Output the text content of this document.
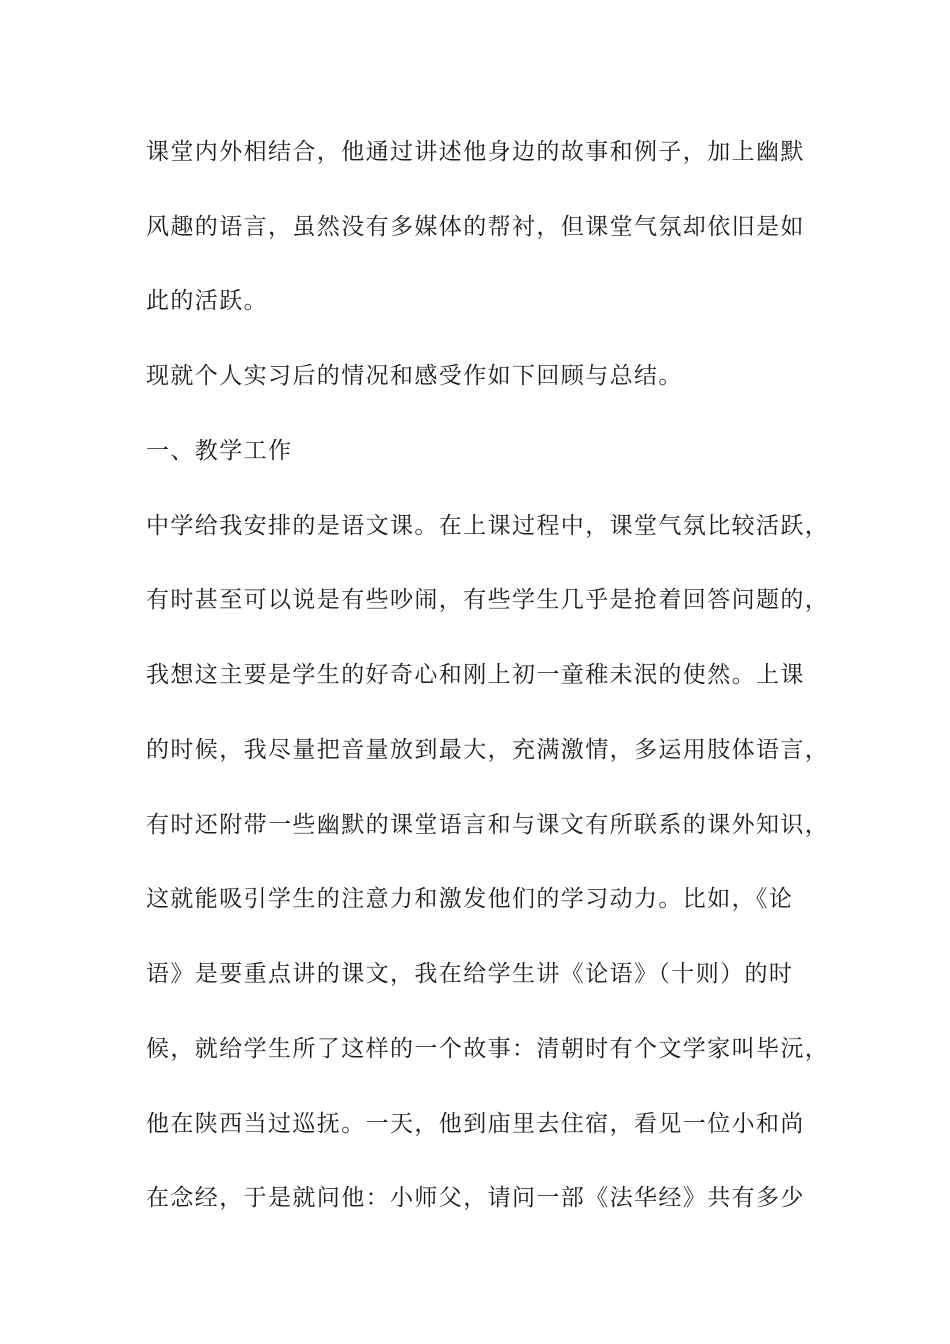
课堂内外相结合，他通过讲述他身边的故事和例子，加上幽默
风趣的语言，虽然没有多媒体的帮衬，但课堂气氛却依旧是如
此的活跃。
现就个人实习后的情况和感受作如下回顾与总结。
一、教学工作
中学给我安排的是语文课。在上课过程中，课堂气氛比较活跃，
有时甚至可以说是有些吵闹，有些学生几乎是抢着回答问题的，
我想这主要是学生的好奇心和刚上初一童稚未泯的使然。上课
的时候，我尽量把音量放到最大，充满激情，多运用肢体语言，
有时还附带一些幽默的课堂语言和与课文有所联系的课外知识，
这就能吸引学生的注意力和激发他们的学习动力。比如，《论
语》是要重点讲的课文，我在给学生讲《论语》（十则）的时
候，就给学生所了这样的一个故事：清朝时有个文学家叫毕沅，
他在陕西当过巡抚。一天，他到庙里去住宿，看见一位小和尚
在念经，于是就问他：小师父，请问一部《法华经》共有多少
